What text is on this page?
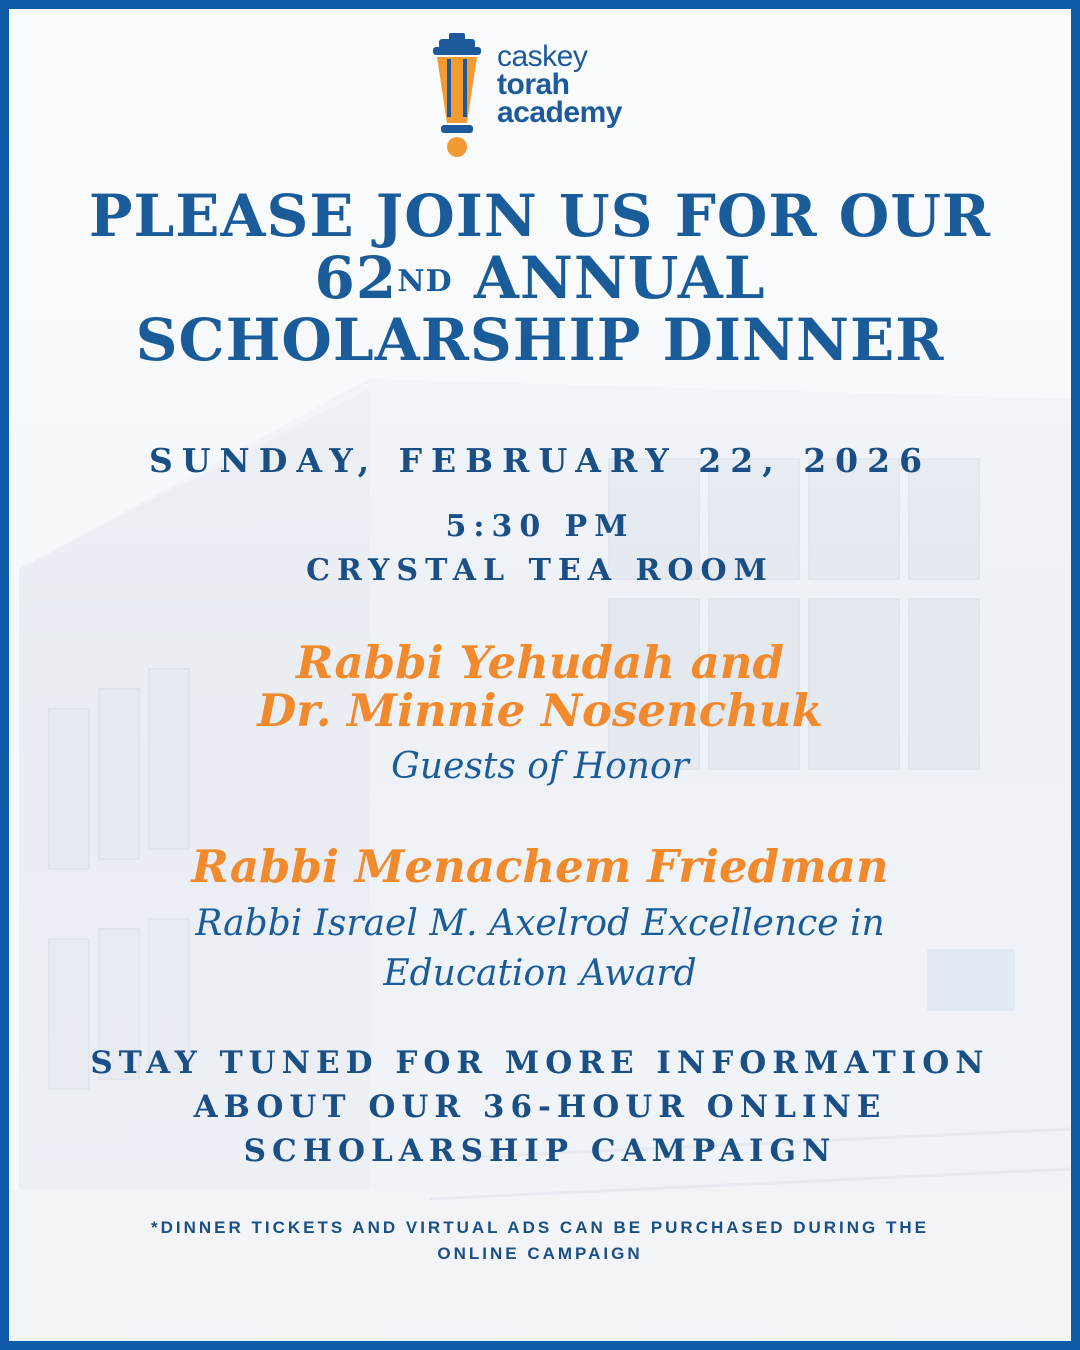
caskey
torah
academy
PLEASE JOIN US FOR OUR
62ND ANNUAL
SCHOLARSHIP DINNER
SUNDAY, FEBRUARY 22, 2026
5:30 PM
CRYSTAL TEA ROOM
Rabbi Yehudah and
Dr. Minnie Nosenchuk
Guests of Honor
Rabbi Menachem Friedman
Rabbi Israel M. Axelrod Excellence in
Education Award
STAY TUNED FOR MORE INFORMATION
ABOUT OUR 36-HOUR ONLINE
SCHOLARSHIP CAMPAIGN
*DINNER TICKETS AND VIRTUAL ADS CAN BE PURCHASED DURING THE
ONLINE CAMPAIGN
